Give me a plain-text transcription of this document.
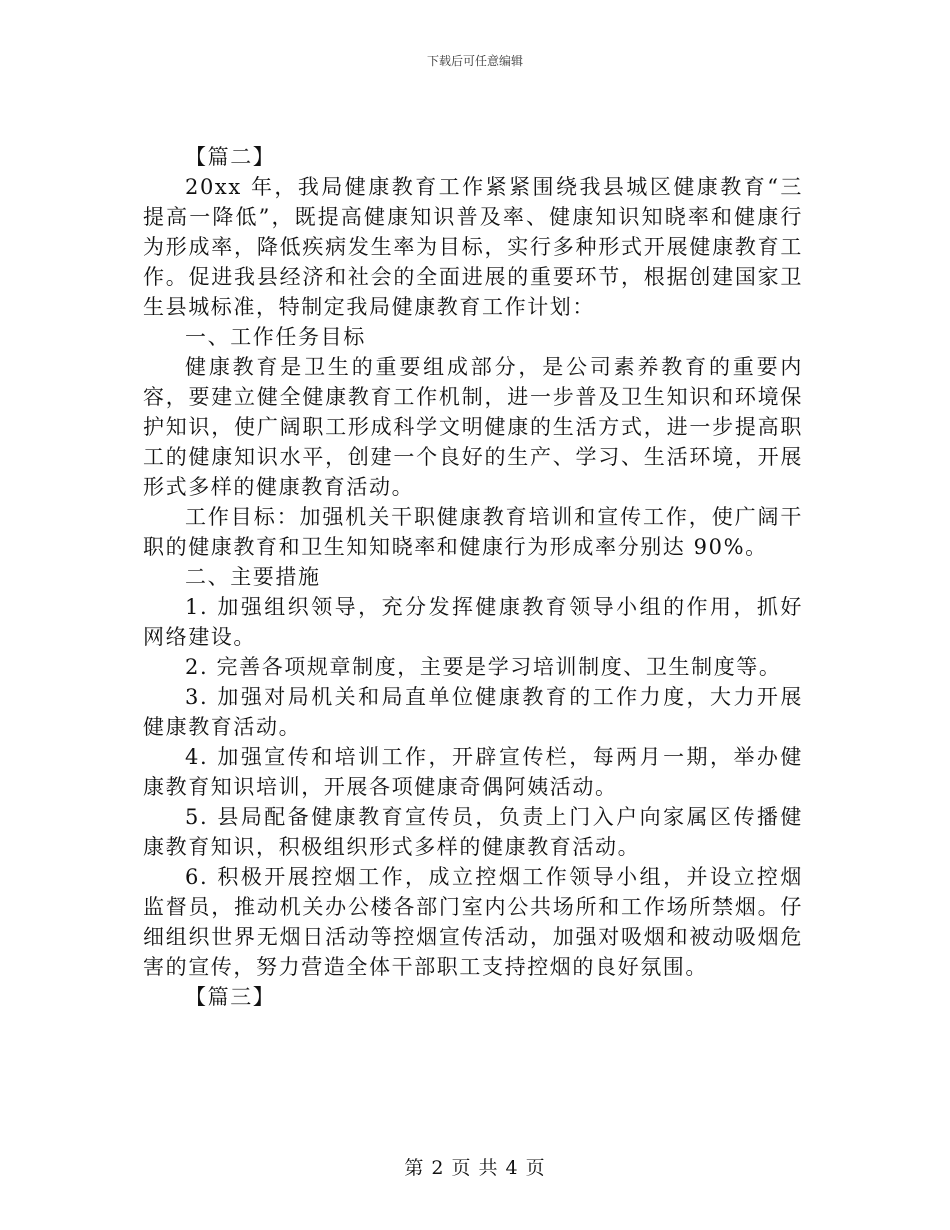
下载后可任意编辑

【篇二】

20xx 年，我局健康教育工作紧紧围绕我县城区健康教育“三提高一降低”，既提高健康知识普及率、健康知识知晓率和健康行为形成率，降低疾病发生率为目标，实行多种形式开展健康教育工作。促进我县经济和社会的全面进展的重要环节，根据创建国家卫生县城标准，特制定我局健康教育工作计划：

一、工作任务目标

健康教育是卫生的重要组成部分，是公司素养教育的重要内容，要建立健全健康教育工作机制，进一步普及卫生知识和环境保护知识，使广阔职工形成科学文明健康的生活方式，进一步提高职工的健康知识水平，创建一个良好的生产、学习、生活环境，开展形式多样的健康教育活动。

工作目标：加强机关干职健康教育培训和宣传工作，使广阔干职的健康教育和卫生知知晓率和健康行为形成率分别达 90%。

二、主要措施

1. 加强组织领导，充分发挥健康教育领导小组的作用，抓好网络建设。

2. 完善各项规章制度，主要是学习培训制度、卫生制度等。

3. 加强对局机关和局直单位健康教育的工作力度，大力开展健康教育活动。

4. 加强宣传和培训工作，开辟宣传栏，每两月一期，举办健康教育知识培训，开展各项健康奇偶阿姨活动。

5. 县局配备健康教育宣传员，负责上门入户向家属区传播健康教育知识，积极组织形式多样的健康教育活动。

6. 积极开展控烟工作，成立控烟工作领导小组，并设立控烟监督员，推动机关办公楼各部门室内公共场所和工作场所禁烟。仔细组织世界无烟日活动等控烟宣传活动，加强对吸烟和被动吸烟危害的宣传，努力营造全体干部职工支持控烟的良好氛围。

【篇三】

第 2 页 共 4 页
